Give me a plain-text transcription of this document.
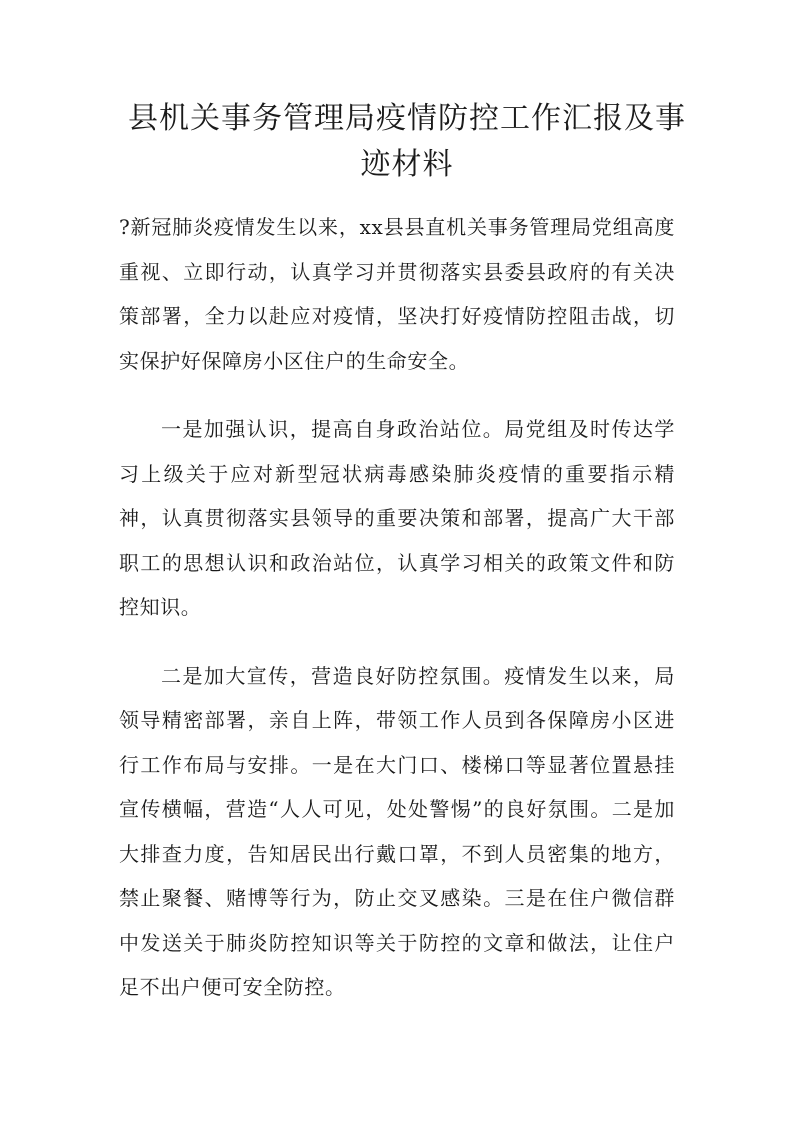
县机关事务管理局疫情防控工作汇报及事迹材料

?新冠肺炎疫情发生以来，xx县县直机关事务管理局党组高度重视、立即行动，认真学习并贯彻落实县委县政府的有关决策部署，全力以赴应对疫情，坚决打好疫情防控阻击战，切实保护好保障房小区住户的生命安全。

一是加强认识，提高自身政治站位。局党组及时传达学习上级关于应对新型冠状病毒感染肺炎疫情的重要指示精神，认真贯彻落实县领导的重要决策和部署，提高广大干部职工的思想认识和政治站位，认真学习相关的政策文件和防控知识。

二是加大宣传，营造良好防控氛围。疫情发生以来，局领导精密部署，亲自上阵，带领工作人员到各保障房小区进行工作布局与安排。一是在大门口、楼梯口等显著位置悬挂宣传横幅，营造“人人可见，处处警惕”的良好氛围。二是加大排查力度，告知居民出行戴口罩，不到人员密集的地方，禁止聚餐、赌博等行为，防止交叉感染。三是在住户微信群中发送关于肺炎防控知识等关于防控的文章和做法，让住户足不出户便可安全防控。
